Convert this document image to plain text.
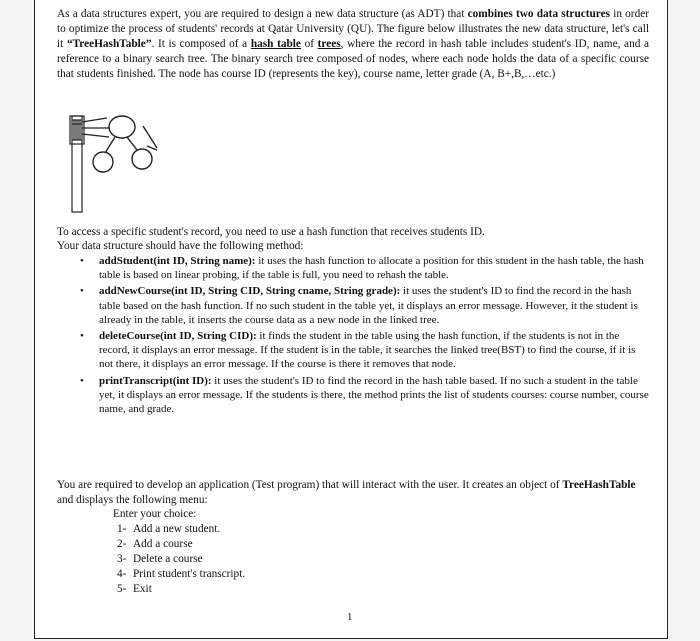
As a data structures expert, you are required to design a new data structure (as ADT) that combines two data structures in order to optimize the process of students' records at Qatar University (QU). The figure below illustrates the new data structure, let's call it “TreeHashTable”. It is composed of a hash table of trees, where the record in hash table includes student's ID, name, and a reference to a binary search tree. The binary search tree composed of nodes, where each node holds the data of a specific course that students finished. The node has course ID (represents the key), course name, letter grade (A, B+,B,…etc.)
To access a specific student's record, you need to use a hash function that receives students ID.
Your data structure should have the following method:
• addStudent(int ID, String name): it uses the hash function to allocate a position for this student in the hash table, the hash table is based on linear probing, if the table is full, you need to rehash the table.
• addNewCourse(int ID, String CID, String cname, String grade): it uses the student's ID to find the record in the hash table based on the hash function. If no such student in the table yet, it displays an error message. However, it the student is already in the table, it inserts the course data as a new node in the linked tree.
• deleteCourse(int ID, String CID): it finds the student in the table using the hash function, if the students is not in the record, it displays an error message. If the student is in the table, it searches the linked tree(BST) to find the course, if it is not there, it displays an error message. If the course is there it removes that node.
• printTranscript(int ID): it uses the student's ID to find the record in the hash table based. If no such a student in the table yet, it displays an error message. If the students is there, the method prints the list of students courses: course number, course name, and grade.
You are required to develop an application (Test program) that will interact with the user. It creates an object of TreeHashTable and displays the following menu:
Enter your choice:
1- Add a new student.
2- Add a course
3- Delete a course
4- Print student's transcript.
5- Exit
1
